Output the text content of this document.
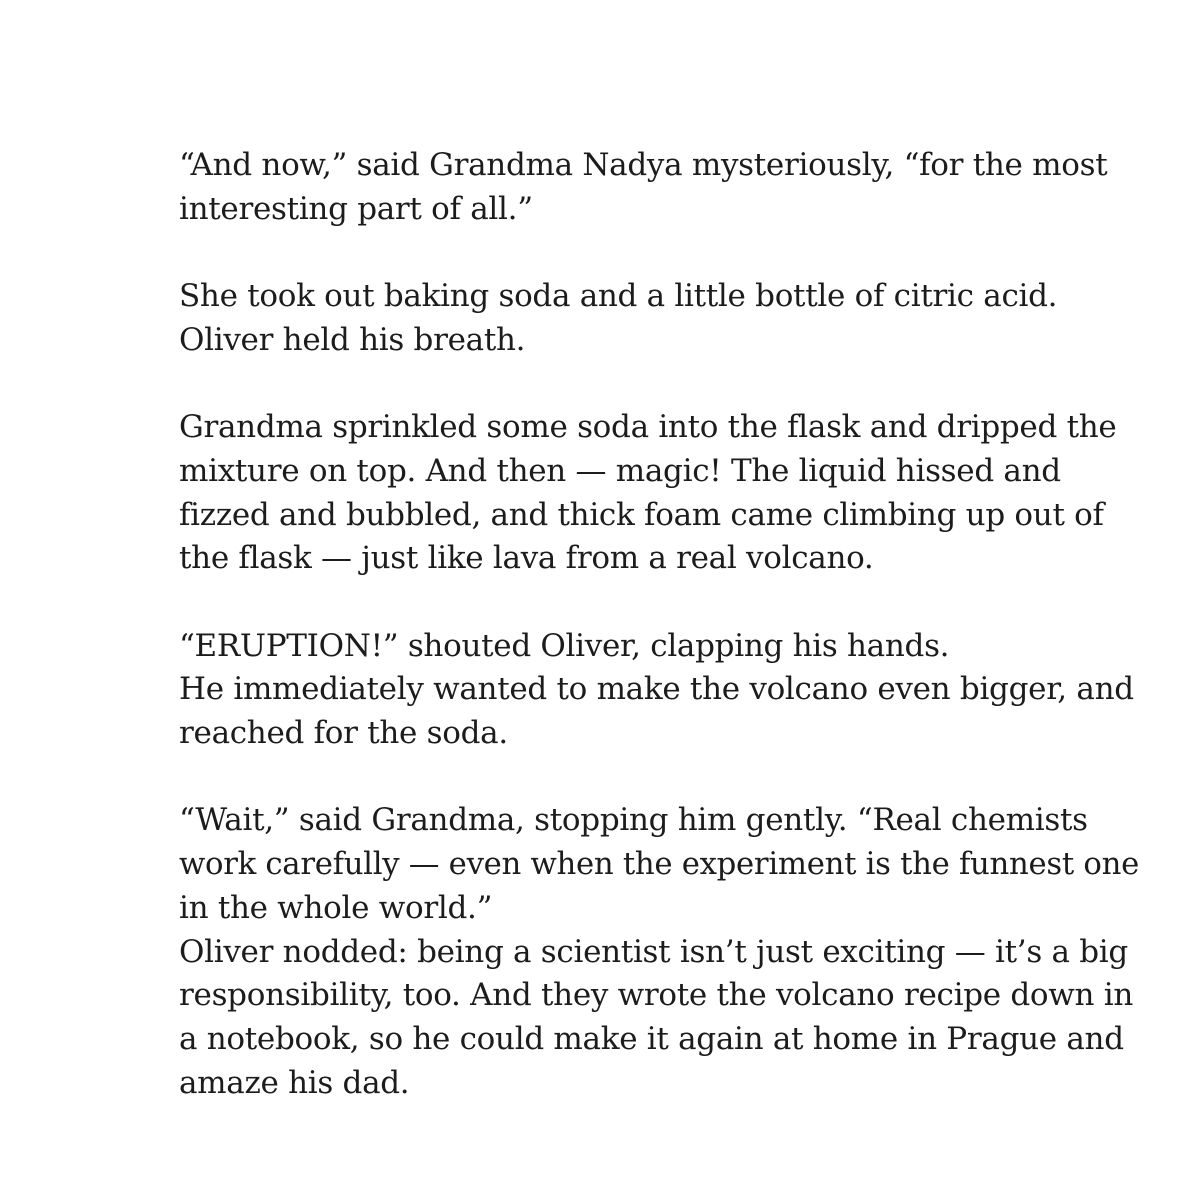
“And now,” said Grandma Nadya mysteriously, “for the most
interesting part of all.”

She took out baking soda and a little bottle of citric acid.
Oliver held his breath.

Grandma sprinkled some soda into the flask and dripped the
mixture on top. And then — magic! The liquid hissed and
fizzed and bubbled, and thick foam came climbing up out of
the flask — just like lava from a real volcano.

“ERUPTION!” shouted Oliver, clapping his hands.
He immediately wanted to make the volcano even bigger, and
reached for the soda.

“Wait,” said Grandma, stopping him gently. “Real chemists
work carefully — even when the experiment is the funnest one
in the whole world.”
Oliver nodded: being a scientist isn’t just exciting — it’s a big
responsibility, too. And they wrote the volcano recipe down in
a notebook, so he could make it again at home in Prague and
amaze his dad.
